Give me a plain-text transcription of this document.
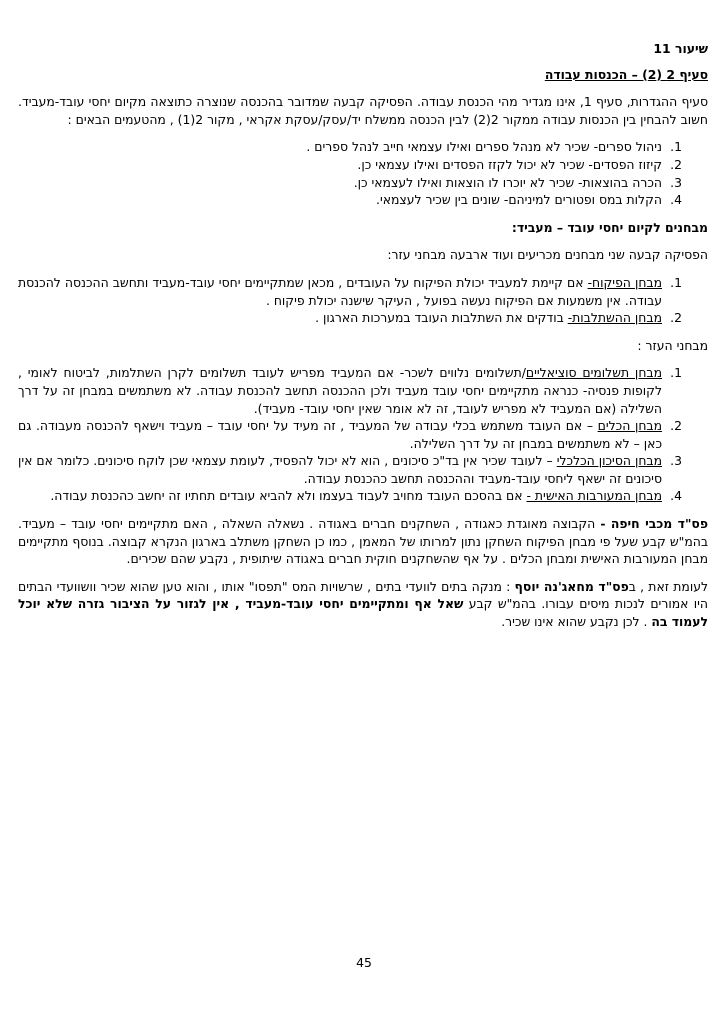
שיעור 11

סעיף 2 (2) – הכנסות עבודה

סעיף ההגדרות, סעיף 1, אינו מגדיר מהי הכנסת עבודה. הפסיקה קבעה שמדובר בהכנסה שנוצרה כתוצאה מקיום יחסי עובד-מעביד. חשוב להבחין בין הכנסות עבודה ממקור 2(2) לבין הכנסה ממשלח יד/עסק/עסקת אקראי , מקור 2(1) , מהטעמים הבאים :

1.
ניהול ספרים- שכיר לא מנהל ספרים ואילו עצמאי חייב לנהל ספרים .
2.
קיזוז הפסדים- שכיר לא יכול לקזז הפסדים ואילו עצמאי כן.
3.
הכרה בהוצאות- שכיר לא יוכרו לו הוצאות ואילו לעצמאי כן.
4.
הקלות במס ופטורים למיניהם- שונים בין שכיר לעצמאי.

מבחנים לקיום יחסי עובד – מעביד:

הפסיקה קבעה שני מבחנים מכריעים ועוד ארבעה מבחני עזר:

1.
מבחן הפיקוח- אם קיימת למעביד יכולת הפיקוח על העובדים , מכאן שמתקיימים יחסי עובד-מעביד ותחשב ההכנסה להכנסת עבודה. אין משמעות אם הפיקוח נעשה בפועל , העיקר שישנה יכולת פיקוח .
2.
מבחן ההשתלבות- בודקים את השתלבות העובד במערכות הארגון .

מבחני העזר :

1.
מבחן תשלומים סוציאליים/תשלומים נלווים לשכר- אם המעביד מפריש לעובד תשלומים לקרן השתלמות, לביטוח לאומי , לקופות פנסיה- כנראה מתקיימים יחסי עובד מעביד ולכן ההכנסה תחשב להכנסת עבודה. לא משתמשים במבחן זה על דרך השלילה (אם המעביד לא מפריש לעובד, זה לא אומר שאין יחסי עובד- מעביד).
2.
מבחן הכלים – אם העובד משתמש בכלי עבודה של המעביד , זה מעיד על יחסי עובד – מעביד וישאף להכנסה מעבודה. גם כאן – לא משתמשים במבחן זה על דרך השלילה.
3.
מבחן הסיכון הכלכלי – לעובד שכיר אין בד"כ סיכונים , הוא לא יכול להפסיד, לעומת עצמאי שכן לוקח סיכונים. כלומר אם אין סיכונים זה ישאף ליחסי עובד-מעביד וההכנסה תחשב כהכנסת עבודה.
4.
מבחן המעורבות האישית - אם בהסכם העובד מחויב לעבוד בעצמו ולא להביא עובדים תחתיו זה יחשב כהכנסת עבודה.

פס"ד מכבי חיפה - הקבוצה מאוגדת כאגודה , השחקנים חברים באגודה . נשאלה השאלה , האם מתקיימים יחסי עובד – מעביד. בהמ"ש קבע שעל פי מבחן הפיקוח השחקן נתון למרותו של המאמן , כמו כן השחקן משתלב בארגון הנקרא קבוצה. בנוסף מתקיימים מבחן המעורבות האישית ומבחן הכלים . על אף שהשחקנים חוקית חברים באגודה שיתופית , נקבע שהם שכירים.

לעומת זאת , בפס"ד מחאג'נה יוסף : מנקה בתים לוועדי בתים , שרשויות המס "תפסו" אותו , והוא טען שהוא שכיר וושוועדי הבתים היו אמורים לנכות מיסים עבורו. בהמ"ש קבע שאל אף ומתקיימים יחסי עובד-מעביד , אין לגזור על הציבור גזרה שלא יוכל לעמוד בה . לכן נקבע שהוא אינו שכיר.

45
